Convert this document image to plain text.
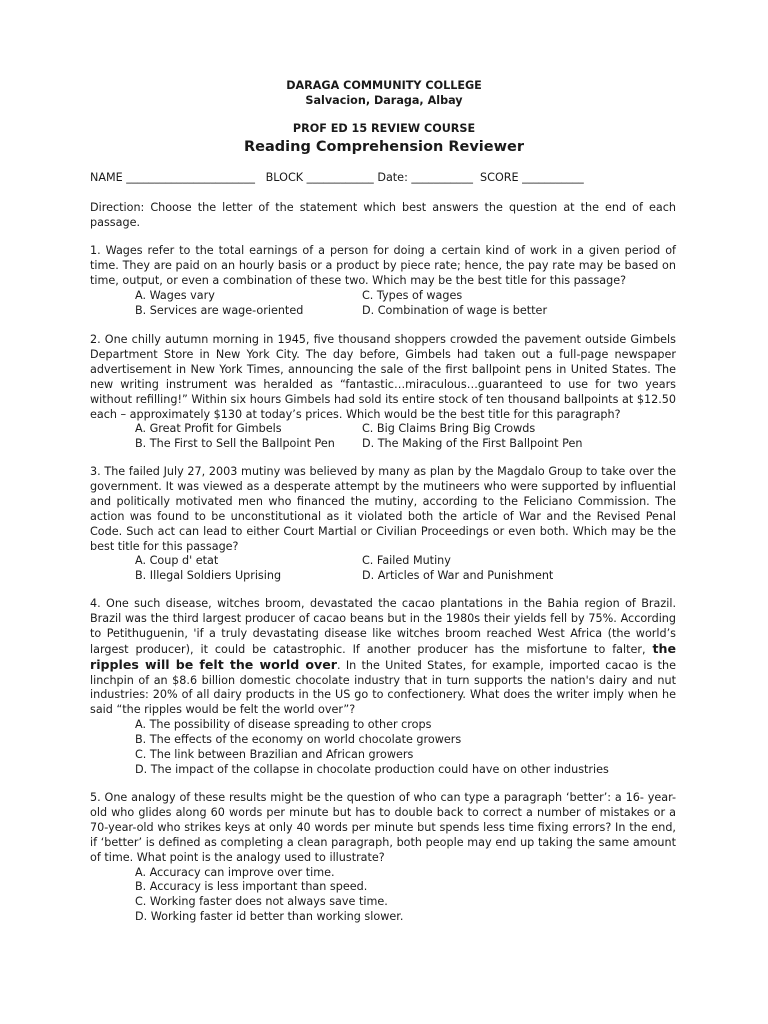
DARAGA COMMUNITY COLLEGE
Salvacion, Daraga, Albay
PROF ED 15 REVIEW COURSE
Reading Comprehension Reviewer
NAME _______________________   BLOCK ____________ Date: ___________  SCORE ___________
Direction: Choose the letter of the statement which best answers the question at the end of each passage.

1. Wages refer to the total earnings of a person for doing a certain kind of work in a given period of time. They are paid on an hourly basis or a product by piece rate; hence, the pay rate may be based on time, output, or even a combination of these two. Which may be the best title for this passage?

A. Wages vary	C. Types of wages
B. Services are wage-oriented	D. Combination of wage is better

2. One chilly autumn morning in 1945, five thousand shoppers crowded the pavement outside Gimbels Department Store in New York City. The day before, Gimbels had taken out a full-page newspaper advertisement in New York Times, announcing the sale of the first ballpoint pens in United States. The new writing instrument was heralded as “fantastic…miraculous…guaranteed to use for two years without refilling!” Within six hours Gimbels had sold its entire stock of ten thousand ballpoints at $12.50 each – approximately $130 at today’s prices. Which would be the best title for this paragraph?

A. Great Profit for Gimbels	C. Big Claims Bring Big Crowds
B. The First to Sell the Ballpoint Pen	D. The Making of the First Ballpoint Pen

3. The failed July 27, 2003 mutiny was believed by many as plan by the Magdalo Group to take over the government. It was viewed as a desperate attempt by the mutineers who were supported by influential and politically motivated men who financed the mutiny, according to the Feliciano Commission. The action was found to be unconstitutional as it violated both the article of War and the Revised Penal Code. Such act can lead to either Court Martial or Civilian Proceedings or even both. Which may be the best title for this passage?

A. Coup d' etat	C. Failed Mutiny
B. Illegal Soldiers Uprising	D. Articles of War and Punishment

4. One such disease, witches broom, devastated the cacao plantations in the Bahia region of Brazil. Brazil was the third largest producer of cacao beans but in the 1980s their yields fell by 75%. According to Petithuguenin, 'if a truly devastating disease like witches broom reached West Africa (the world’s largest producer), it could be catastrophic. If another producer has the misfortune to falter, the ripples will be felt the world over. In the United States, for example, imported cacao is the linchpin of an $8.6 billion domestic chocolate industry that in turn supports the nation's dairy and nut industries: 20% of all dairy products in the US go to confectionery. What does the writer imply when he said “the ripples would be felt the world over”?

A. The possibility of disease spreading to other crops
B. The effects of the economy on world chocolate growers
C. The link between Brazilian and African growers
D. The impact of the collapse in chocolate production could have on other industries

5. One analogy of these results might be the question of who can type a paragraph ‘better’: a 16- year-old who glides along 60 words per minute but has to double back to correct a number of mistakes or a 70-year-old who strikes keys at only 40 words per minute but spends less time fixing errors? In the end, if ‘better’ is defined as completing a clean paragraph, both people may end up taking the same amount of time. What point is the analogy used to illustrate?

A. Accuracy can improve over time.
B. Accuracy is less important than speed.
C. Working faster does not always save time.
D. Working faster id better than working slower.
